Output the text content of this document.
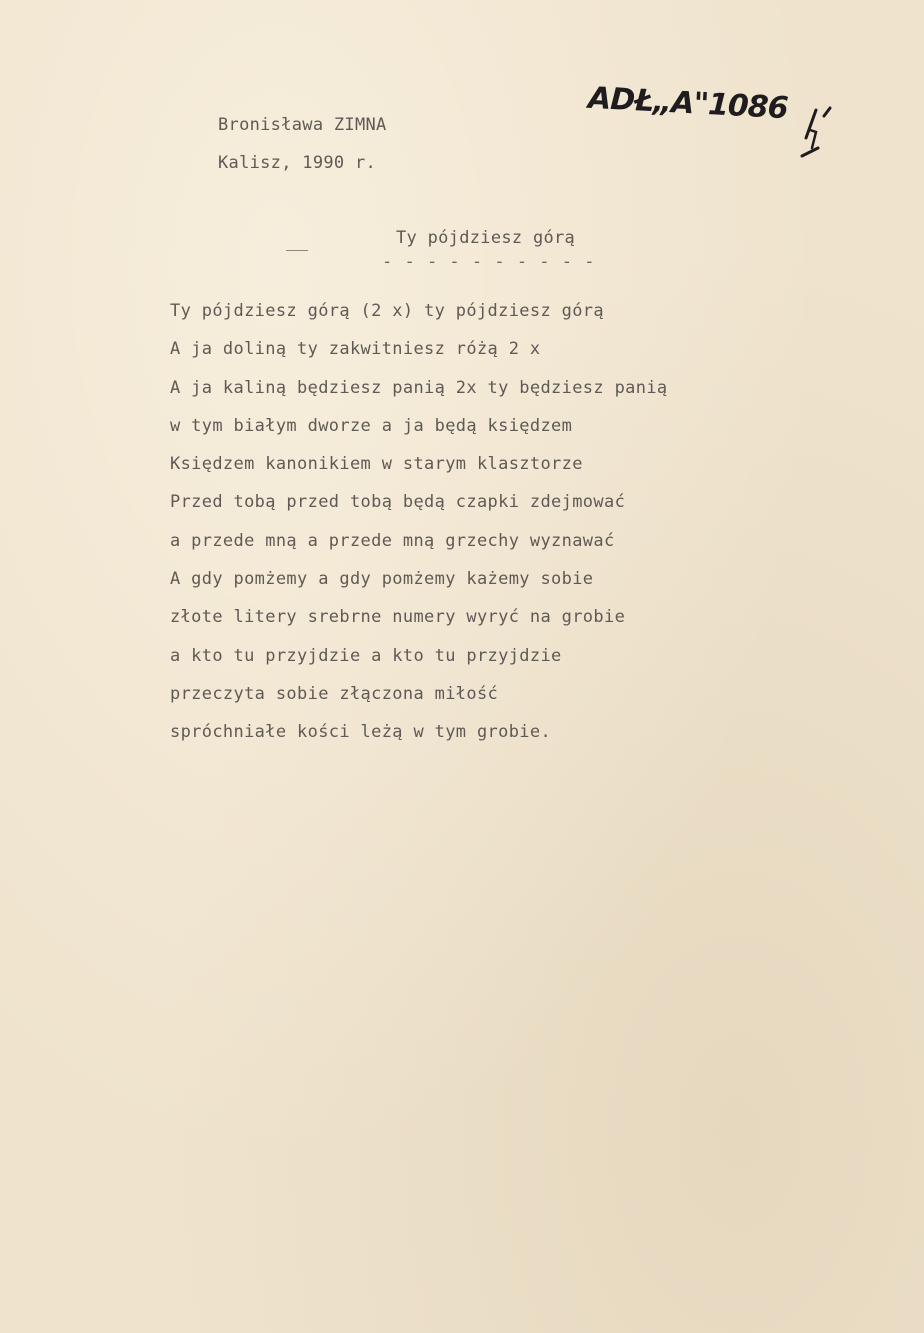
Bronisława ZIMNA
Kalisz, 1990 r.
ADŁ„A"1086
Ty pójdziesz górą
- - - - - - - - - -
Ty pójdziesz górą (2 x) ty pójdziesz górą
A ja doliną ty zakwitniesz różą 2 x
A ja kaliną będziesz panią 2x ty będziesz panią
w tym białym dworze a ja będą księdzem
Księdzem kanonikiem w starym klasztorze
Przed tobą przed tobą będą czapki zdejmować
a przede mną a przede mną grzechy wyznawać
A gdy pomżemy a gdy pomżemy każemy sobie
złote litery srebrne numery wyryć na grobie
a kto tu przyjdzie a kto tu przyjdzie
przeczyta sobie złączona miłość
spróchniałe kości leżą w tym grobie.
